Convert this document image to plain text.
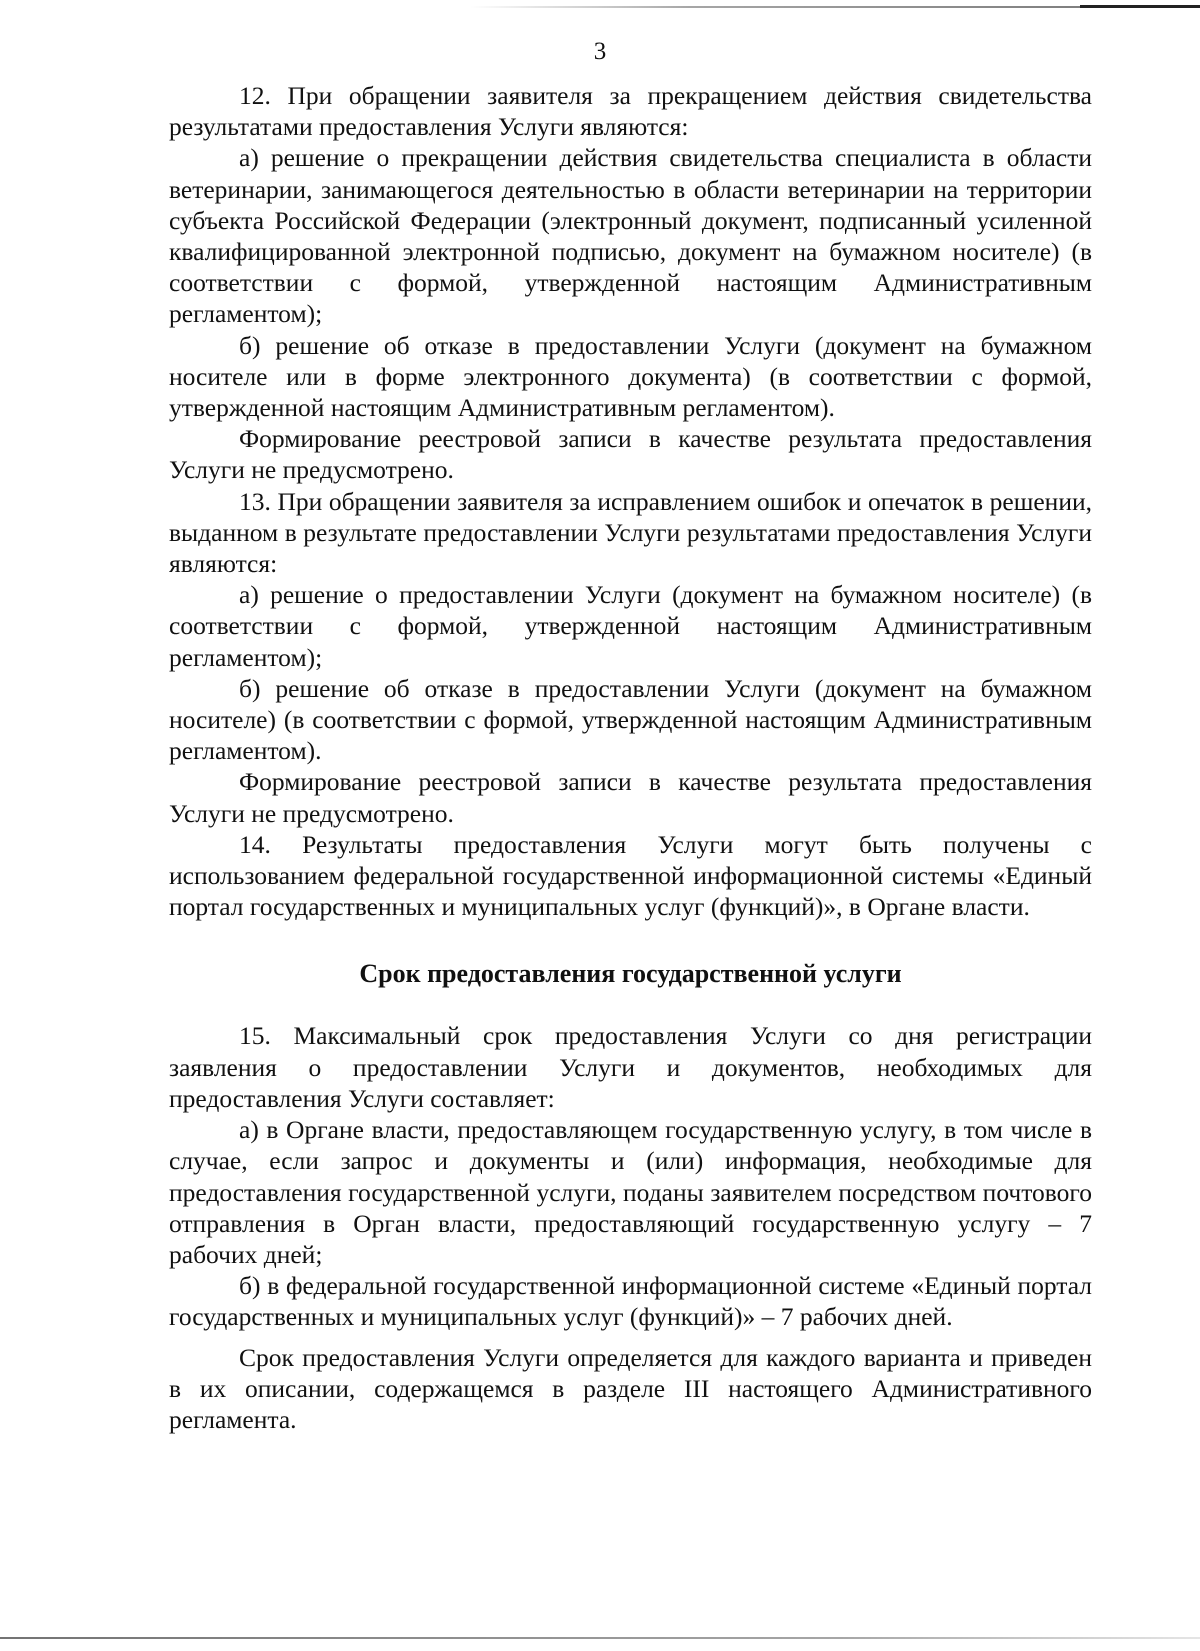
3

12. При обращении заявителя за прекращением действия свидетельства результатами предоставления Услуги являются:

а) решение о прекращении действия свидетельства специалиста в области ветеринарии, занимающегося деятельностью в области ветеринарии на территории субъекта Российской Федерации (электронный документ, подписанный усиленной квалифицированной электронной подписью, документ на бумажном носителе) (в соответствии с формой, утвержденной настоящим Административным регламентом);

б) решение об отказе в предоставлении Услуги (документ на бумажном носителе или в форме электронного документа) (в соответствии с формой, утвержденной настоящим Административным регламентом).

Формирование реестровой записи в качестве результата предоставления Услуги не предусмотрено.

13. При обращении заявителя за исправлением ошибок и опечаток в решении, выданном в результате предоставлении Услуги результатами предоставления Услуги являются:

а) решение о предоставлении Услуги (документ на бумажном носителе) (в соответствии с формой, утвержденной настоящим Административным регламентом);

б) решение об отказе в предоставлении Услуги (документ на бумажном носителе) (в соответствии с формой, утвержденной настоящим Административным регламентом).

Формирование реестровой записи в качестве результата предоставления Услуги не предусмотрено.

14. Результаты предоставления Услуги могут быть получены с использованием федеральной государственной информационной системы «Единый портал государственных и муниципальных услуг (функций)», в Органе власти.

Срок предоставления государственной услуги

15. Максимальный срок предоставления Услуги со дня регистрации заявления о предоставлении Услуги и документов, необходимых для предоставления Услуги составляет:

а) в Органе власти, предоставляющем государственную услугу, в том числе в случае, если запрос и документы и (или) информация, необходимые для предоставления государственной услуги, поданы заявителем посредством почтового отправления в Орган власти, предоставляющий государственную услугу – 7 рабочих дней;

б) в федеральной государственной информационной системе «Единый портал государственных и муниципальных услуг (функций)» – 7 рабочих дней.

Срок предоставления Услуги определяется для каждого варианта и приведен в их описании, содержащемся в разделе III настоящего Административного регламента.
